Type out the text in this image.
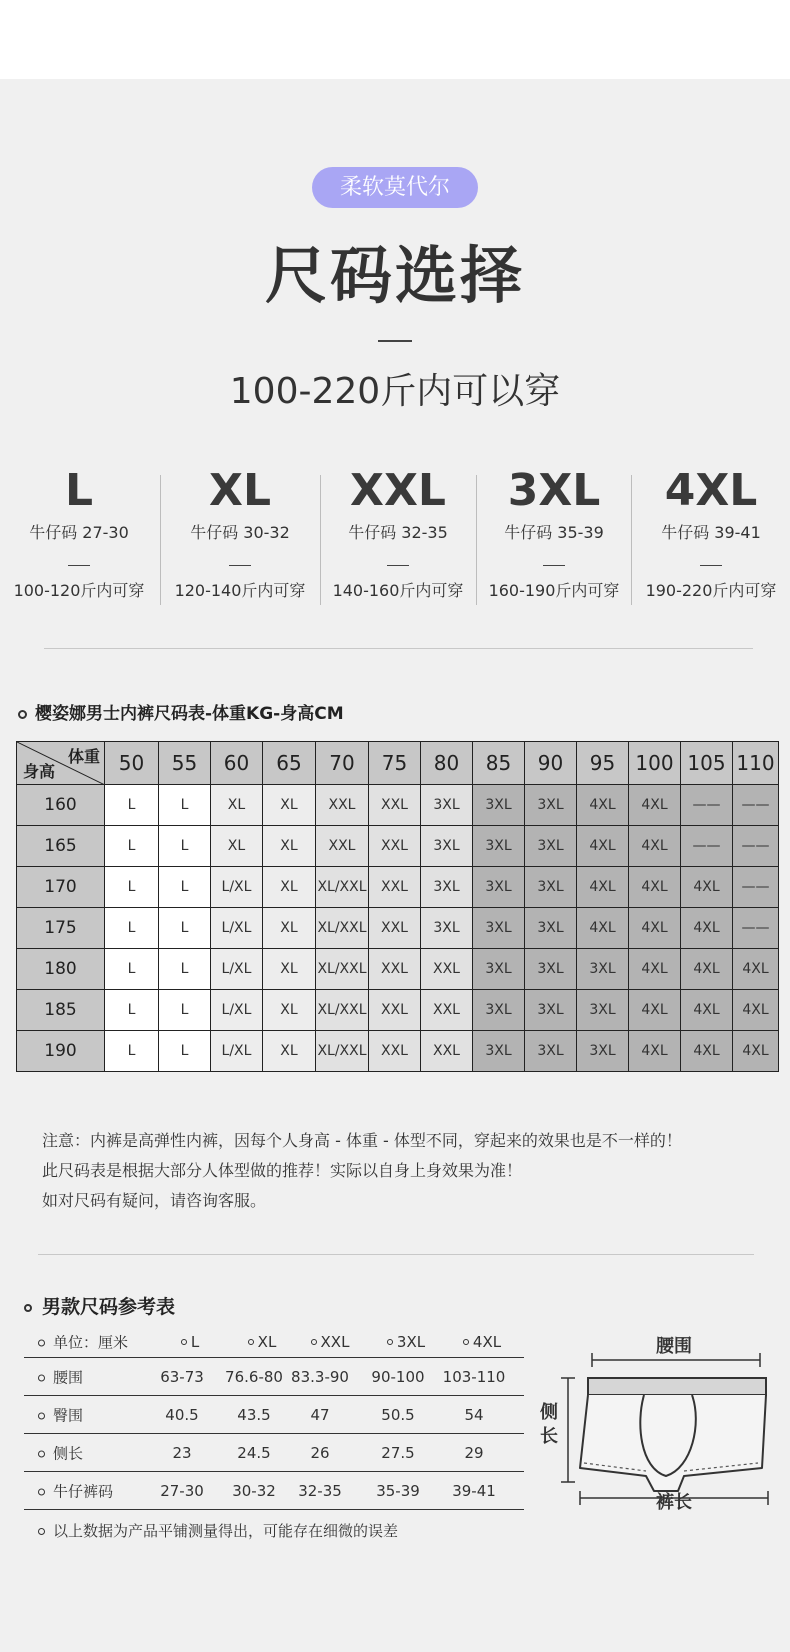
柔软莫代尔
尺码选择
100-220斤内可以穿
L
牛仔码 27-30
100-120斤内可穿
XL
牛仔码 30-32
120-140斤内可穿
XXL
牛仔码 32-35
140-160斤内可穿
3XL
牛仔码 35-39
160-190斤内可穿
4XL
牛仔码 39-41
190-220斤内可穿
樱姿娜男士内裤尺码表-体重KG-身高CM
体重
身高	50	55	60	65	70	75	80	85	90	95	100	105	110
160	L	L	XL	XL	XXL	XXL	3XL	3XL	3XL	4XL	4XL	——	——
165	L	L	XL	XL	XXL	XXL	3XL	3XL	3XL	4XL	4XL	——	——
170	L	L	L/XL	XL	XL/XXL	XXL	3XL	3XL	3XL	4XL	4XL	4XL	——
175	L	L	L/XL	XL	XL/XXL	XXL	3XL	3XL	3XL	4XL	4XL	4XL	——
180	L	L	L/XL	XL	XL/XXL	XXL	XXL	3XL	3XL	3XL	4XL	4XL	4XL
185	L	L	L/XL	XL	XL/XXL	XXL	XXL	3XL	3XL	3XL	4XL	4XL	4XL
190	L	L	L/XL	XL	XL/XXL	XXL	XXL	3XL	3XL	3XL	4XL	4XL	4XL
注意：内裤是高弹性内裤，因每个人身高 - 体重 - 体型不同，穿起来的效果也是不一样的！
此尺码表是根据大部分人体型做的推荐！实际以自身上身效果为准！
如对尺码有疑问，请咨询客服。
男款尺码参考表
单位：厘米	L	XL	XXL	3XL	4XL
腰围	63-73	76.6-80 83.3-90	90-100	103-110
臀围	40.5	43.5	47	50.5	54
侧长	23	24.5	26	27.5	29
牛仔裤码	27-30	30-32	32-35	35-39	39-41
以上数据为产品平铺测量得出，可能存在细微的误差
腰围
侧
长
裤长
